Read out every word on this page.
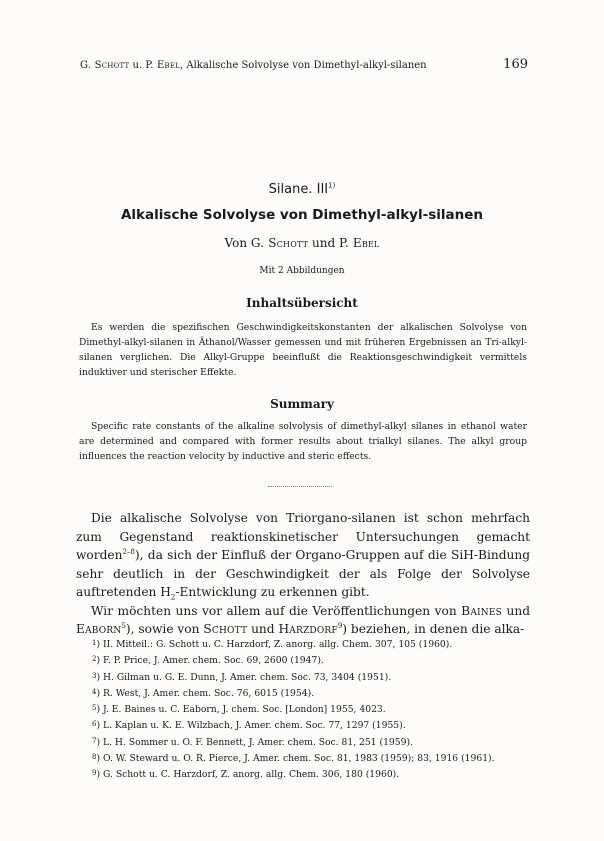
G. Schott u. P. Ebel, Alkalische Solvolyse von Dimethyl-alkyl-silanen	169
Silane. III$^{1)}$
Alkalische Solvolyse von Dimethyl-alkyl-silanen
Von G. Schott und P. Ebel
Mit 2 Abbildungen
Inhaltsübersicht
Es werden die spezifischen Geschwindigkeitskonstanten der alkalischen Solvolyse von Dimethyl-alkyl-silanen in Äthanol/Wasser gemessen und mit früheren Ergebnissen an Tri-alkyl-silanen verglichen. Die Alkyl-Gruppe beeinflußt die Reaktionsgeschwindigkeit vermittels induktiver und sterischer Effekte.
Summary
Specific rate constants of the alkaline solvolysis of dimethyl-alkyl silanes in ethanol water are determined and compared with former results about trialkyl silanes. The alkyl group influences the reaction velocity by inductive and steric effects.

Die alkalische Solvolyse von Triorgano-silanen ist schon mehrfach zum Gegenstand reaktionskinetischer Untersuchungen gemacht worden$^{2-8}$), da sich der Einfluß der Organo-Gruppen auf die SiH-Bindung sehr deutlich in der Geschwindigkeit der als Folge der Solvolyse auftretenden $H_2$-Entwicklung zu erkennen gibt.

Wir möchten uns vor allem auf die Veröffentlichungen von Baines und Eaborn$^5$), sowie von Schott und Harzdorf$^9$) beziehen, in denen die alka-

$^1$) II. Mitteil.: G. Schott u. C. Harzdorf, Z. anorg. allg. Chem. 307, 105 (1960).

$^2$) F. P. Price, J. Amer. chem. Soc. 69, 2600 (1947).

$^3$) H. Gilman u. G. E. Dunn, J. Amer. chem. Soc. 73, 3404 (1951).

$^4$) R. West, J. Amer. chem. Soc. 76, 6015 (1954).

$^5$) J. E. Baines u. C. Eaborn, J. chem. Soc. [London] 1955, 4023.

$^6$) L. Kaplan u. K. E. Wilzbach, J. Amer. chem. Soc. 77, 1297 (1955).

$^7$) L. H. Sommer u. O. F. Bennett, J. Amer. chem. Soc. 81, 251 (1959).

$^8$) O. W. Steward u. O. R. Pierce, J. Amer. chem. Soc. 81, 1983 (1959); 83, 1916 (1961).

$^9$) G. Schott u. C. Harzdorf, Z. anorg. allg. Chem. 306, 180 (1960).
